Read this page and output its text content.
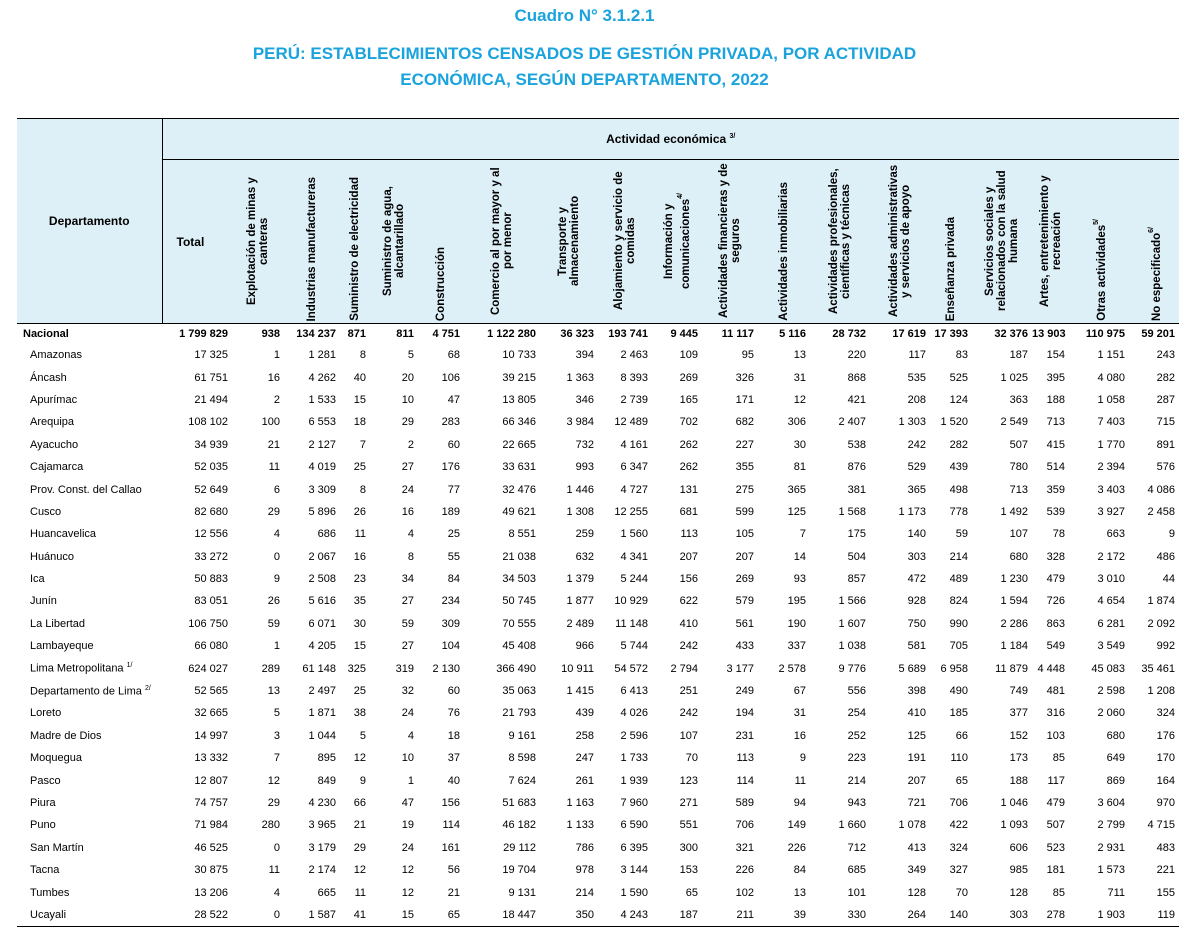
Cuadro N° 3.1.2.1
PERÚ: ESTABLECIMIENTOS CENSADOS DE GESTIÓN PRIVADA, POR ACTIVIDAD
ECONÓMICA, SEGÚN DEPARTAMENTO, 2022
Departamento	Actividad económica $^{3/}$
	Total	Explotación de minas y canteras	Industrias manufactureras	Suministro de electricidad	Suministro de agua, alcantarillado	Construcción	Comercio al por mayor y al por menor	Transporte y almacenamiento	Alojamiento y servicio de comidas	Información y comunicaciones$^{4/}$	Actividades financieras y de seguros	Actividades inmobiliarias	Actividades profesionales, científicas y técnicas	Actividades administrativas y servicios de apoyo	Enseñanza privada	Servicios sociales y relacionados con la salud humana	Artes, entretenimiento y recreación	Otras actividades$^{5/}$	No especificado$^{6/}$

Nacional	1 799 829	938	134 237	871	811	4 751	1 122 280	36 323	193 741	9 445	11 117	5 116	28 732	17 619	17 393	32 376	13 903	110 975	59 201
Amazonas	17 325	1	1 281	8	5	68	10 733	394	2 463	109	95	13	220	117	83	187	154	1 151	243
Áncash	61 751	16	4 262	40	20	106	39 215	1 363	8 393	269	326	31	868	535	525	1 025	395	4 080	282
Apurímac	21 494	2	1 533	15	10	47	13 805	346	2 739	165	171	12	421	208	124	363	188	1 058	287
Arequipa	108 102	100	6 553	18	29	283	66 346	3 984	12 489	702	682	306	2 407	1 303	1 520	2 549	713	7 403	715
Ayacucho	34 939	21	2 127	7	2	60	22 665	732	4 161	262	227	30	538	242	282	507	415	1 770	891
Cajamarca	52 035	11	4 019	25	27	176	33 631	993	6 347	262	355	81	876	529	439	780	514	2 394	576
Prov. Const. del Callao	52 649	6	3 309	8	24	77	32 476	1 446	4 727	131	275	365	381	365	498	713	359	3 403	4 086
Cusco	82 680	29	5 896	26	16	189	49 621	1 308	12 255	681	599	125	1 568	1 173	778	1 492	539	3 927	2 458
Huancavelica	12 556	4	686	11	4	25	8 551	259	1 560	113	105	7	175	140	59	107	78	663	9
Huánuco	33 272	0	2 067	16	8	55	21 038	632	4 341	207	207	14	504	303	214	680	328	2 172	486
Ica	50 883	9	2 508	23	34	84	34 503	1 379	5 244	156	269	93	857	472	489	1 230	479	3 010	44
Junín	83 051	26	5 616	35	27	234	50 745	1 877	10 929	622	579	195	1 566	928	824	1 594	726	4 654	1 874
La Libertad	106 750	59	6 071	30	59	309	70 555	2 489	11 148	410	561	190	1 607	750	990	2 286	863	6 281	2 092
Lambayeque	66 080	1	4 205	15	27	104	45 408	966	5 744	242	433	337	1 038	581	705	1 184	549	3 549	992
Lima Metropolitana $^{1/}$	624 027	289	61 148	325	319	2 130	366 490	10 911	54 572	2 794	3 177	2 578	9 776	5 689	6 958	11 879	4 448	45 083	35 461
Departamento de Lima $^{2/}$	52 565	13	2 497	25	32	60	35 063	1 415	6 413	251	249	67	556	398	490	749	481	2 598	1 208
Loreto	32 665	5	1 871	38	24	76	21 793	439	4 026	242	194	31	254	410	185	377	316	2 060	324
Madre de Dios	14 997	3	1 044	5	4	18	9 161	258	2 596	107	231	16	252	125	66	152	103	680	176
Moquegua	13 332	7	895	12	10	37	8 598	247	1 733	70	113	9	223	191	110	173	85	649	170
Pasco	12 807	12	849	9	1	40	7 624	261	1 939	123	114	11	214	207	65	188	117	869	164
Piura	74 757	29	4 230	66	47	156	51 683	1 163	7 960	271	589	94	943	721	706	1 046	479	3 604	970
Puno	71 984	280	3 965	21	19	114	46 182	1 133	6 590	551	706	149	1 660	1 078	422	1 093	507	2 799	4 715
San Martín	46 525	0	3 179	29	24	161	29 112	786	6 395	300	321	226	712	413	324	606	523	2 931	483
Tacna	30 875	11	2 174	12	12	56	19 704	978	3 144	153	226	84	685	349	327	985	181	1 573	221
Tumbes	13 206	4	665	11	12	21	9 131	214	1 590	65	102	13	101	128	70	128	85	711	155
Ucayali	28 522	0	1 587	41	15	65	18 447	350	4 243	187	211	39	330	264	140	303	278	1 903	119
